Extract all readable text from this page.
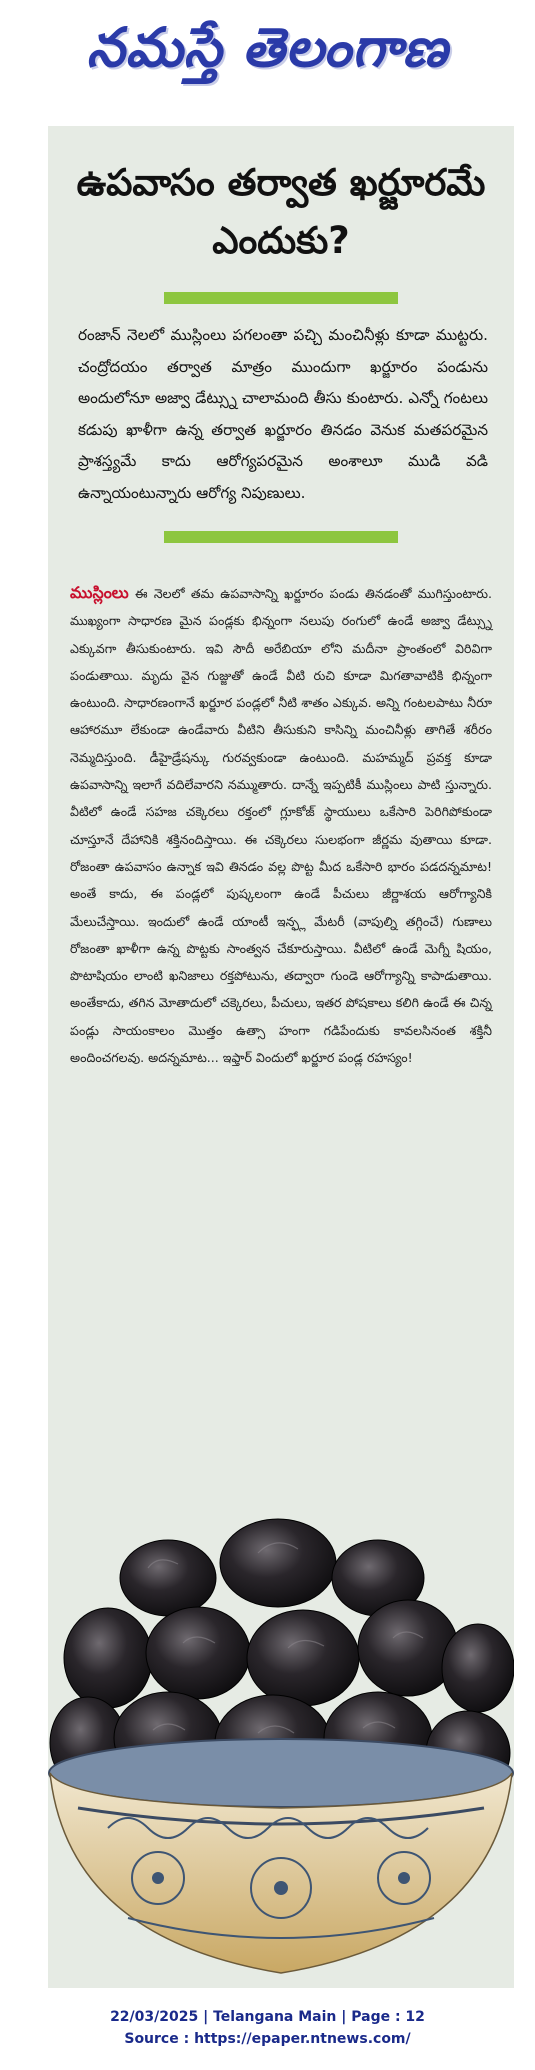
నమస్తే తెలంగాణ
ఉపవాసం తర్వాత ఖర్జూరమే ఎందుకు?

రంజాన్ నెలలో ముస్లింలు పగలంతా పచ్చి మంచినీళ్లు కూడా ముట్టరు. చంద్రోదయం తర్వాత మాత్రం ముందుగా ఖర్జూరం పండును అందులోనూ అజ్వా డేట్స్ను చాలామంది తీసు కుంటారు. ఎన్నో గంటలు కడుపు ఖాళీగా ఉన్న తర్వాత ఖర్జూరం తినడం వెనుక మతపరమైన ప్రాశస్త్యమే కాదు ఆరోగ్యపరమైన అంశాలూ ముడి వడి ఉన్నాయంటున్నారు ఆరోగ్య నిపుణులు.

ముస్లింలు ఈ నెలలో తమ ఉపవాసాన్ని ఖర్జూరం పండు తినడంతో ముగిస్తుంటారు. ముఖ్యంగా సాధారణ మైన పండ్లకు భిన్నంగా నలుపు రంగులో ఉండే అజ్వా డేట్స్ను ఎక్కువగా తీసుకుంటారు. ఇవి సౌదీ అరేబియా లోని మదీనా ప్రాంతంలో విరివిగా పండుతాయి. మృదు వైన గుజ్జుతో ఉండే వీటి రుచి కూడా మిగతావాటికి భిన్నంగా ఉంటుంది. సాధారణంగానే ఖర్జూర పండ్లలో నీటి శాతం ఎక్కువ. అన్ని గంటలపాటు నీరూ ఆహారమూ లేకుండా ఉండేవారు వీటిని తీసుకుని కాసిన్ని మంచినీళ్లు తాగితే శరీరం నెమ్మదిస్తుంది. డీహైడ్రేషన్కు గురవ్వకుండా ఉంటుంది. మహమ్మద్ ప్రవక్త కూడా ఉపవాసాన్ని ఇలాగే వదిలేవారని నమ్ముతారు. దాన్నే ఇప్పటికీ ముస్లింలు పాటి స్తున్నారు. వీటిలో ఉండే సహజ చక్కెరలు రక్తంలో గ్లూకోజ్ స్థాయులు ఒకేసారి పెరిగిపోకుండా చూస్తూనే దేహానికి శక్తినందిస్తాయి. ఈ చక్కెరలు సులభంగా జీర్ణమ వుతాయి కూడా. రోజంతా ఉపవాసం ఉన్నాక ఇవి తినడం వల్ల పొట్ట మీద ఒకేసారి భారం పడదన్నమాట! అంతే కాదు, ఈ పండ్లలో పుష్కలంగా ఉండే పీచులు జీర్ణాశయ ఆరోగ్యానికి మేలుచేస్తాయి. ఇందులో ఉండే యాంటీ ఇన్ఫ్ల మేటరీ (వాపుల్ని తగ్గించే) గుణాలు రోజంతా ఖాళీగా ఉన్న పొట్టకు సాంత్వన చేకూరుస్తాయి. వీటిలో ఉండే మెగ్నీ షియం, పొటాషియం లాంటి ఖనిజాలు రక్తపోటును, తద్వారా గుండె ఆరోగ్యాన్ని కాపాడుతాయి. అంతేకాదు, తగిన మోతాదులో చక్కెరలు, పీచులు, ఇతర పోషకాలు కలిగి ఉండే ఈ చిన్న పండ్లు సాయంకాలం మొత్తం ఉత్సా హంగా గడిపేందుకు కావలసినంత శక్తినీ అందించగలవు. అదన్నమాట... ఇఫ్తార్ విందులో ఖర్జూర పండ్ల రహస్యం!

22/03/2025 | Telangana Main | Page : 12
Source : https://epaper.ntnews.com/
